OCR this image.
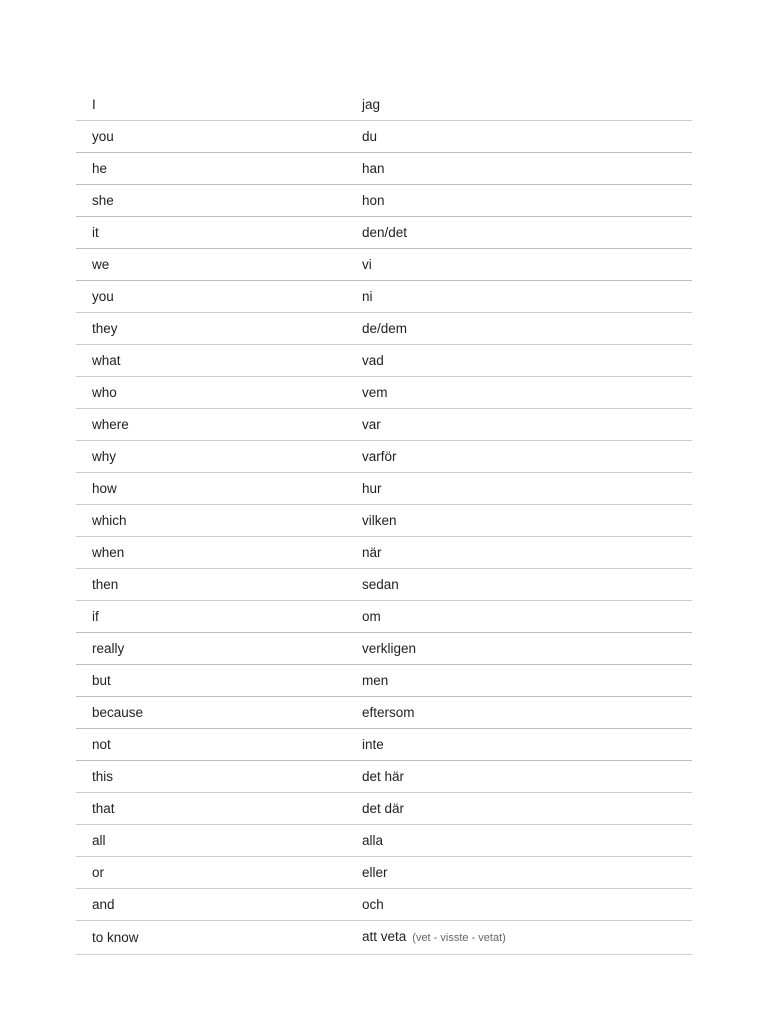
I	jag
you	du
he	han
she	hon
it	den/det
we	vi
you	ni
they	de/dem
what	vad
who	vem
where	var
why	varför
how	hur
which	vilken
when	när
then	sedan
if	om
really	verkligen
but	men
because	eftersom
not	inte
this	det här
that	det där
all	alla
or	eller
and	och
to know	att veta (vet - visste - vetat)
